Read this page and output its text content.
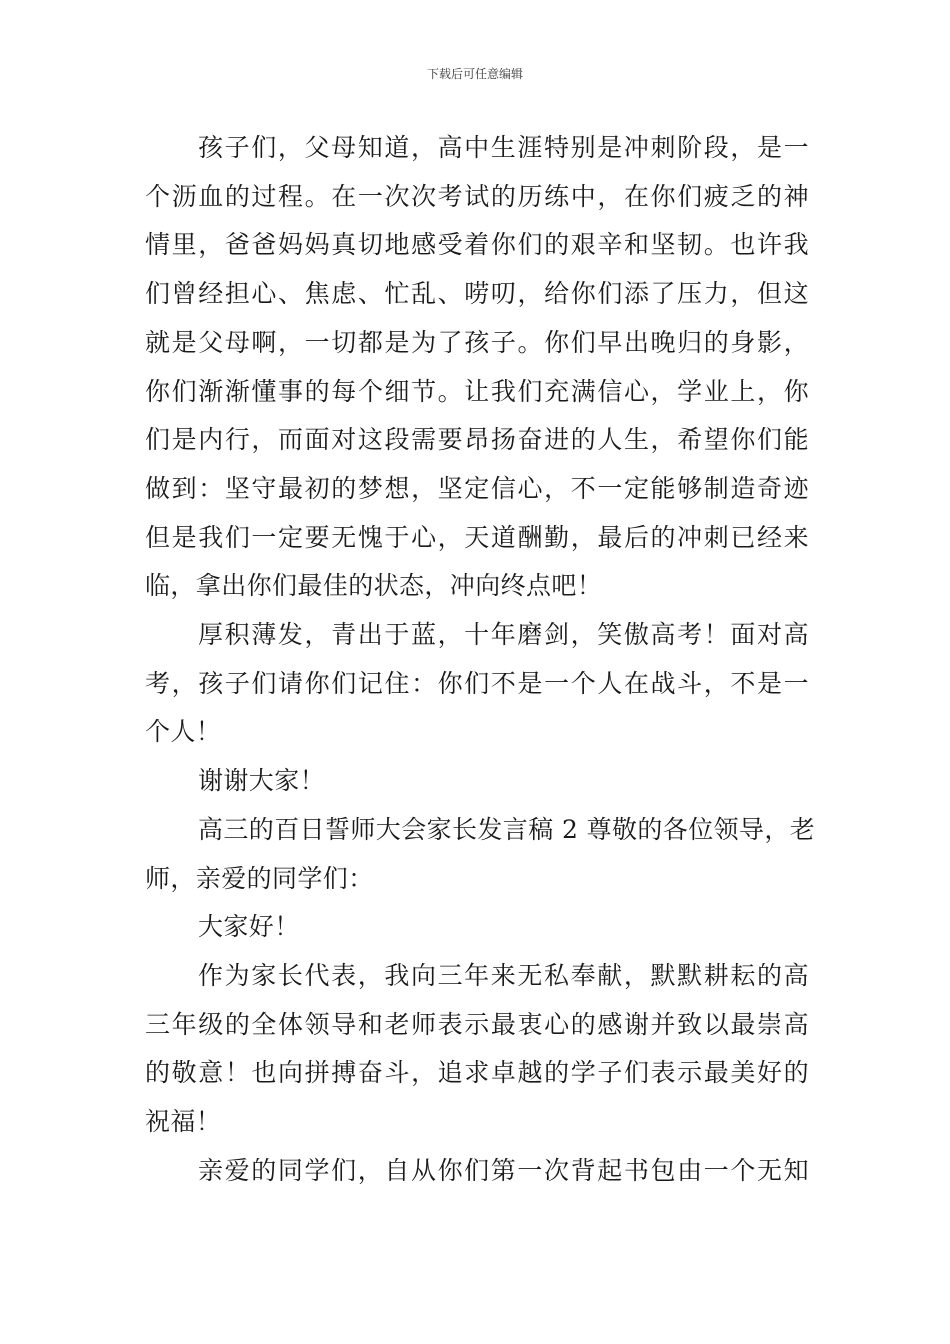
下载后可任意编辑

孩子们，父母知道，高中生涯特别是冲刺阶段，是一
个沥血的过程。在一次次考试的历练中，在你们疲乏的神
情里，爸爸妈妈真切地感受着你们的艰辛和坚韧。也许我
们曾经担心、焦虑、忙乱、唠叨，给你们添了压力，但这
就是父母啊，一切都是为了孩子。你们早出晚归的身影，
你们渐渐懂事的每个细节。让我们充满信心，学业上，你
们是内行，而面对这段需要昂扬奋进的人生，希望你们能
做到：坚守最初的梦想，坚定信心，不一定能够制造奇迹
但是我们一定要无愧于心，天道酬勤，最后的冲刺已经来
临，拿出你们最佳的状态，冲向终点吧！

厚积薄发，青出于蓝，十年磨剑，笑傲高考！面对高
考，孩子们请你们记住：你们不是一个人在战斗，不是一
个人！

谢谢大家！

高三的百日誓师大会家长发言稿 2 尊敬的各位领导，老
师，亲爱的同学们：

大家好！

作为家长代表，我向三年来无私奉献，默默耕耘的高
三年级的全体领导和老师表示最衷心的感谢并致以最崇高
的敬意！也向拼搏奋斗，追求卓越的学子们表示最美好的
祝福！

亲爱的同学们，自从你们第一次背起书包由一个无知
